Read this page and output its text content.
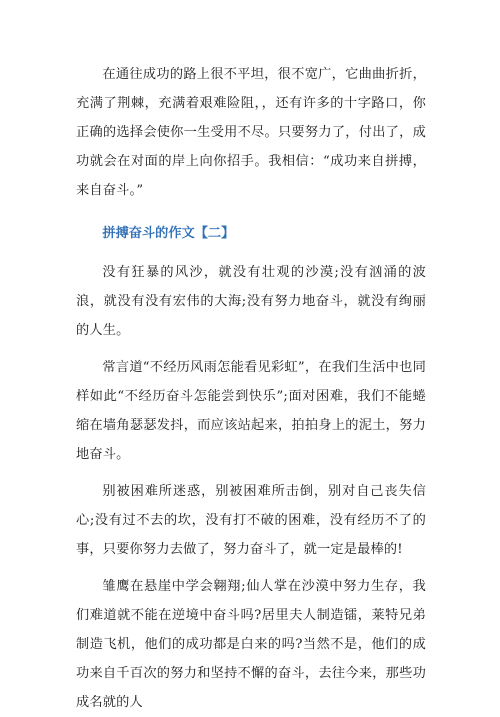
在通往成功的路上很不平坦，很不宽广，它曲曲折折，充满了荆棘，充满着艰难险阻，，还有许多的十字路口，你正确的选择会使你一生受用不尽。只要努力了，付出了，成功就会在对面的岸上向你招手。我相信：“成功来自拼搏，来自奋斗。”

拼搏奋斗的作文【二】

没有狂暴的风沙，就没有壮观的沙漠;没有汹涌的波浪，就没有没有宏伟的大海;没有努力地奋斗，就没有绚丽的人生。

常言道“不经历风雨怎能看见彩虹”，在我们生活中也同样如此“不经历奋斗怎能尝到快乐”;面对困难，我们不能蜷缩在墙角瑟瑟发抖，而应该站起来，拍拍身上的泥土，努力地奋斗。

别被困难所迷惑，别被困难所击倒，别对自己丧失信心;没有过不去的坎，没有打不破的困难，没有经历不了的事，只要你努力去做了，努力奋斗了，就一定是最棒的!

雏鹰在悬崖中学会翱翔;仙人掌在沙漠中努力生存，我们难道就不能在逆境中奋斗吗?居里夫人制造镭，莱特兄弟制造飞机，他们的成功都是白来的吗?当然不是，他们的成功来自千百次的努力和坚持不懈的奋斗，去往今来，那些功成名就的人
